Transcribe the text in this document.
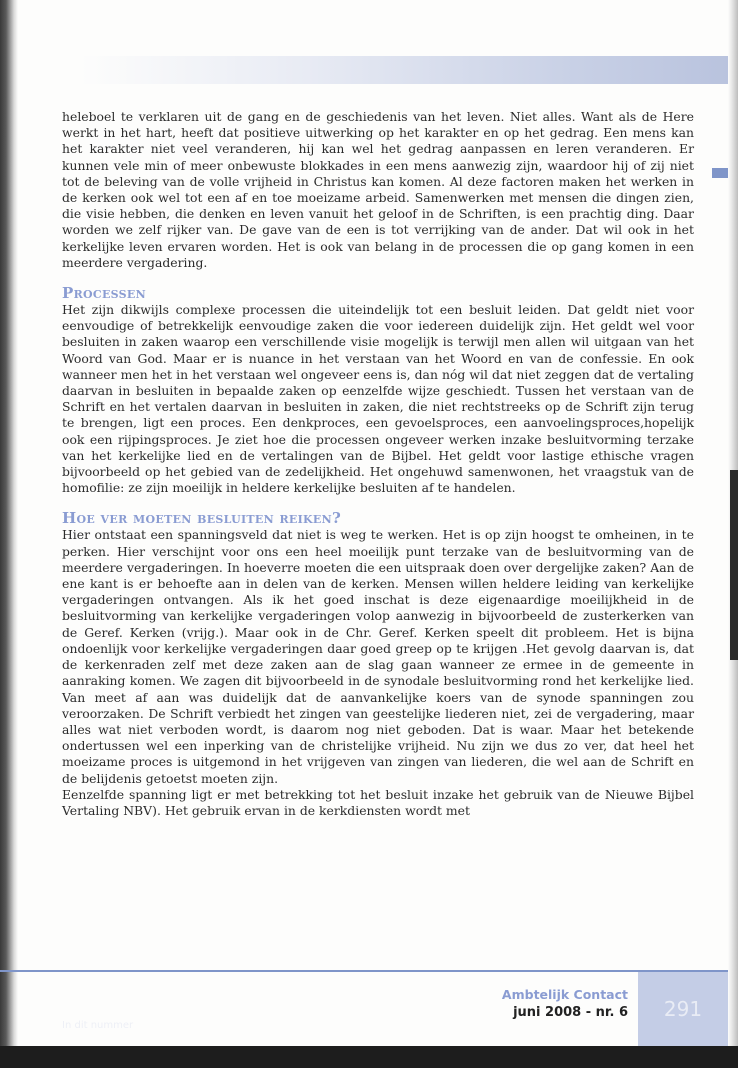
heleboel te verklaren uit de gang en de geschiedenis van het leven. Niet alles. Want als de Here werkt in het hart, heeft dat positieve uitwerking op het karakter en op het gedrag. Een mens kan het karakter niet veel veranderen, hij kan wel het gedrag aanpassen en leren veranderen. Er kunnen vele min of meer onbewuste blokkades in een mens aanwezig zijn, waardoor hij of zij niet tot de beleving van de volle vrijheid in Christus kan komen. Al deze factoren maken het werken in de kerken ook wel tot een af en toe moeizame arbeid. Samenwerken met mensen die dingen zien, die visie hebben, die denken en leven vanuit het geloof in de Schriften, is een prachtig ding. Daar worden we zelf rijker van. De gave van de een is tot verrijking van de ander. Dat wil ook in het kerkelijke leven ervaren worden. Het is ook van belang in de processen die op gang komen in een meerdere vergadering.

Processen

Het zijn dikwijls complexe processen die uiteindelijk tot een besluit leiden. Dat geldt niet voor eenvoudige of betrekkelijk eenvoudige zaken die voor iedereen duidelijk zijn. Het geldt wel voor besluiten in zaken waarop een verschillende visie mogelijk is terwijl men allen wil uitgaan van het Woord van God. Maar er is nuance in het verstaan van het Woord en van de confessie. En ook wanneer men het in het verstaan wel ongeveer eens is, dan nóg wil dat niet zeggen dat de vertaling daarvan in besluiten in bepaalde zaken op eenzelfde wijze geschiedt. Tussen het verstaan van de Schrift en het vertalen daarvan in besluiten in zaken, die niet rechtstreeks op de Schrift zijn terug te brengen, ligt een proces. Een denkproces, een gevoelsproces, een aanvoelingsproces,hopelijk ook een rijpingsproces. Je ziet hoe die processen ongeveer werken inzake besluitvorming terzake van het kerkelijke lied en de vertalingen van de Bijbel. Het geldt voor lastige ethische vragen bijvoorbeeld op het gebied van de zedelijkheid. Het ongehuwd samenwonen, het vraagstuk van de homofilie: ze zijn moeilijk in heldere kerkelijke besluiten af te handelen.

Hoe ver moeten besluiten reiken?

Hier ontstaat een spanningsveld dat niet is weg te werken. Het is op zijn hoogst te omheinen, in te perken. Hier verschijnt voor ons een heel moeilijk punt terzake van de besluitvorming van de meerdere vergaderingen. In hoeverre moeten die een uitspraak doen over dergelijke zaken? Aan de ene kant is er behoefte aan in delen van de kerken. Mensen willen heldere leiding van kerkelijke vergaderingen ontvangen. Als ik het goed inschat is deze eigenaardige moeilijkheid in de besluitvorming van kerkelijke vergaderingen volop aanwezig in bijvoorbeeld de zusterkerken van de Geref. Kerken (vrijg.). Maar ook in de Chr. Geref. Kerken speelt dit probleem. Het is bijna ondoenlijk voor kerkelijke vergaderingen daar goed greep op te krijgen .Het gevolg daarvan is, dat de kerkenraden zelf met deze zaken aan de slag gaan wanneer ze ermee in de gemeente in aanraking komen. We zagen dit bijvoorbeeld in de synodale besluitvorming rond het kerkelijke lied. Van meet af aan was duidelijk dat de aanvankelijke koers van de synode spanningen zou veroorzaken. De Schrift verbiedt het zingen van geestelijke liederen niet, zei de vergadering, maar alles wat niet verboden wordt, is daarom nog niet geboden. Dat is waar. Maar het betekende ondertussen wel een inperking van de christelijke vrijheid. Nu zijn we dus zo ver, dat heel het moeizame proces is uitgemond in het vrijgeven van zingen van liederen, die wel aan de Schrift en de belijdenis getoetst moeten zijn.

Eenzelfde spanning ligt er met betrekking tot het besluit inzake het gebruik van de Nieuwe Bijbel Vertaling NBV). Het gebruik ervan in de kerkdiensten wordt met

In dit nummer
Ambtelijk Contact
juni 2008 - nr. 6 291
